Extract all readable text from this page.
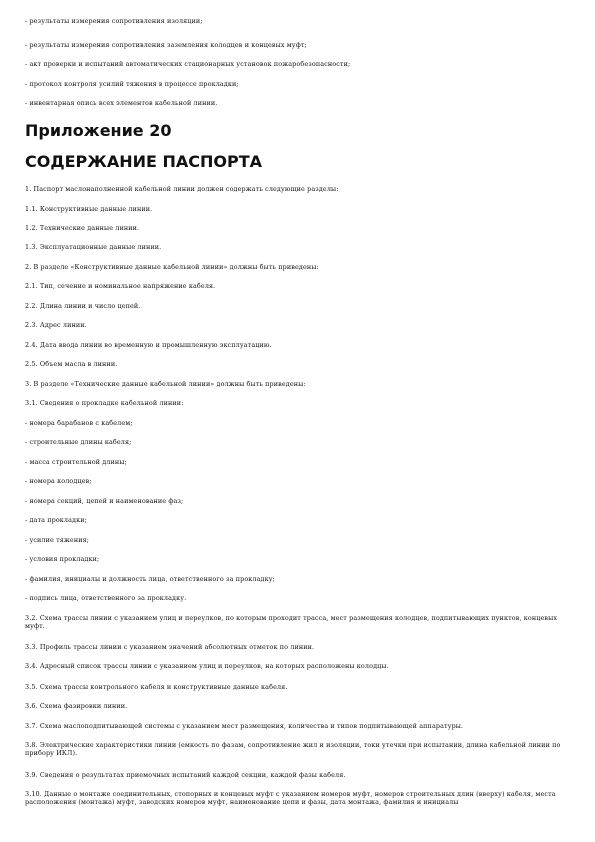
- результаты измерения сопротивления изоляции;
- результаты измерения сопротивления заземления колодцев и концевых муфт;
- акт проверки и испытаний автоматических стационарных установок пожаробезопасности;
- протокол контроля усилий тяжения в процессе прокладки;
- инвентарная опись всех элементов кабельной линии.
Приложение 20
СОДЕРЖАНИЕ ПАСПОРТА
1. Паспорт маслонаполненной кабельной линии должен содержать следующие разделы:
1.1. Конструктивные данные линии.
1.2. Технические данные линии.
1.3. Эксплуатационные данные линии.
2. В разделе «Конструктивные данные кабельной линии» должны быть приведены:
2.1. Тип, сечение и номинальное напряжение кабеля.
2.2. Длина линии и число цепей.
2.3. Адрес линии.
2.4. Дата ввода линии во временную и промышленную эксплуатацию.
2.5. Объем масла в линии.
3. В разделе «Технические данные кабельной линии» должны быть приведены:
3.1. Сведения о прокладке кабельной линии:
- номера барабанов с кабелем;
- строительные длины кабеля;
- масса строительной длины;
- номера колодцев;
- номера секций, цепей и наименование фаз;
- дата прокладки;
- усилие тяжения;
- условия прокладки;
- фамилия, инициалы и должность лица, ответственного за прокладку;
- подпись лица, ответственного за прокладку.
3.2. Схема трассы линии с указанием улиц и переулков, по которым проходит трасса, мест размещения колодцев, подпитывающих пунктов, концевых муфт.
3.3. Профиль трассы линии с указанием значений абсолютных отметок по линии.
3.4. Адресный список трассы линии с указанием улиц и переулков, на которых расположены колодцы.
3.5. Схема трассы контрольного кабеля и конструктивные данные кабеля.
3.6. Схема фазировки линии.
3.7. Схема маслоподпитывающей системы с указанием мест размещения, количества и типов подпитывающей аппаратуры.
3.8. Электрические характеристики линии (емкость по фазам, сопротивление жил и изоляции, токи утечки при испытании, длина кабельной линии по прибору ИКЛ).
3.9. Сведения о результатах приемочных испытаний каждой секции, каждой фазы кабеля.
3.10. Данные о монтаже соединительных, стопорных и концевых муфт с указанием номеров муфт, номеров строительных длин (вверху) кабеля, места расположения (монтажа) муфт, заводских номеров муфт, наименование цепи и фазы, дата монтажа, фамилия и инициалы
